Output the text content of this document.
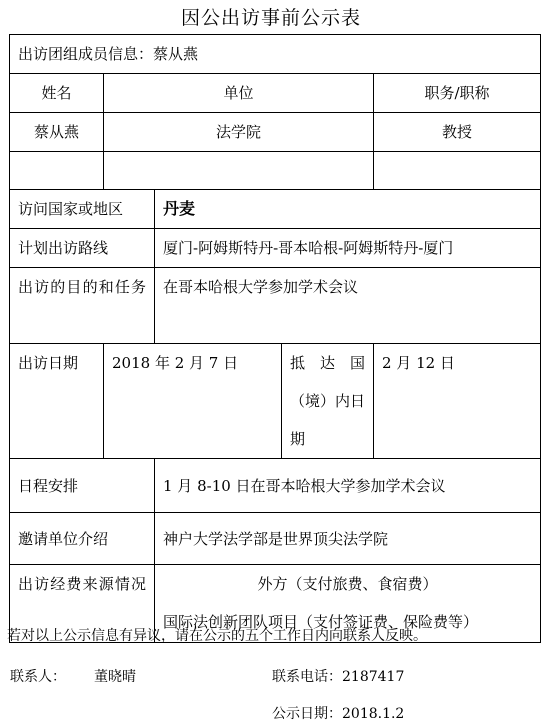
因公出访事前公示表
出访团组成员信息：蔡从燕				
姓名	单位			职务/职称
蔡从燕	法学院			教授

访问国家或地区		丹麦		
计划出访路线		厦门-阿姆斯特丹-哥本哈根-阿姆斯特丹-厦门		
出访的目的和任务		在哥本哈根大学参加学术会议		
出访日期	2018 年 2 月 7 日		抵达国（境）内日期	2 月 12 日
日程安排		1 月 8-10 日在哥本哈根大学参加学术会议		
邀请单位介绍		神户大学法学部是世界顶尖法学院		
出访经费来源情况		外方（支付旅费、食宿费）
国际法创新团队项目（支付签证费、保险费等）		
若对以上公示信息有异议，请在公示的五个工作日内向联系人反映。
联系人： 董晓晴	联系电话：2187417
公示日期：2018.1.2
